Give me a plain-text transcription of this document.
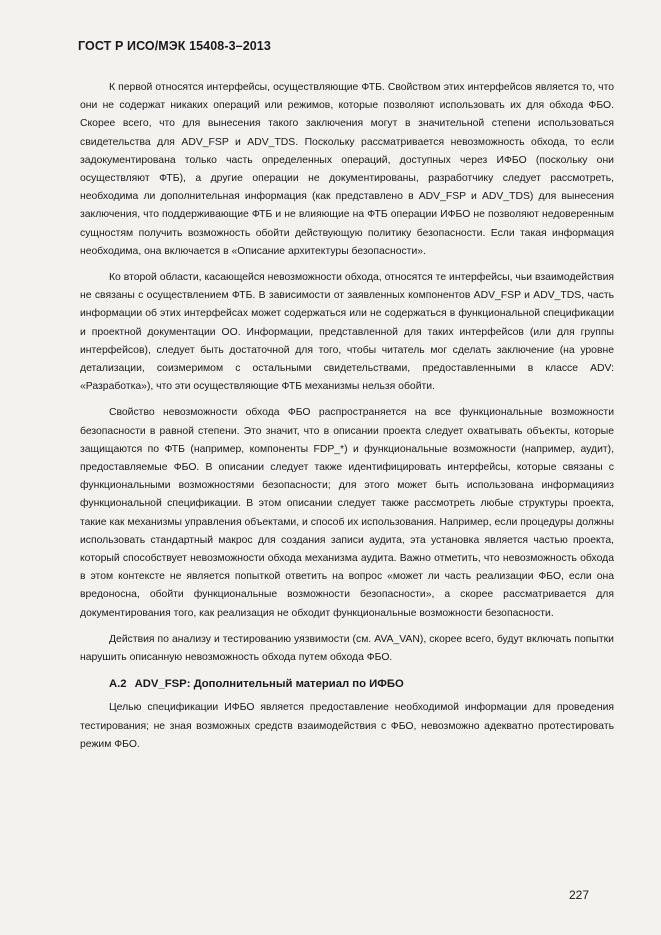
ГОСТ Р ИСО/МЭК 15408-3–2013

К первой относятся интерфейсы, осуществляющие ФТБ. Свойством этих интерфейсов является то, что они не содержат никаких операций или режимов, которые позволяют использовать их для обхода ФБО. Скорее всего, что для вынесения такого заключения могут в значительной степени использоваться свидетельства для ADV_FSP и ADV_TDS. Поскольку рассматривается невозможность обхода, то если задокументирована только часть определенных операций, доступных через ИФБО (поскольку они осуществляют ФТБ), а другие операции не документированы, разработчику следует рассмотреть, необходима ли дополнительная информация (как представлено в ADV_FSP и ADV_TDS) для вынесения заключения, что поддерживающие ФТБ и не влияющие на ФТБ операции ИФБО не позволяют недоверенным сущностям получить возможность обойти действующую политику безопасности. Если такая информация необходима, она включается в «Описание архитектуры безопасности».

Ко второй области, касающейся невозможности обхода, относятся те интерфейсы, чьи взаимодействия не связаны с осуществлением ФТБ. В зависимости от заявленных компонентов ADV_FSP и ADV_TDS, часть информации об этих интерфейсах может содержаться или не содержаться в функциональной спецификации и проектной документации ОО. Информации, представленной для таких интерфейсов (или для группы интерфейсов), следует быть достаточной для того, чтобы читатель мог сделать заключение (на уровне детализации, соизмеримом с остальными свидетельствами, предоставленными в классе ADV: «Разработка»), что эти осуществляющие ФТБ механизмы нельзя обойти.

Свойство невозможности обхода ФБО распространяется на все функциональные возможности безопасности в равной степени. Это значит, что в описании проекта следует охватывать объекты, которые защищаются по ФТБ (например, компоненты FDP_*) и функциональные возможности (например, аудит), предоставляемые ФБО. В описании следует также идентифицировать интерфейсы, которые связаны с функциональными возможностями безопасности; для этого может быть использована информацияиз функциональной спецификации. В этом описании следует также рассмотреть любые структуры проекта, такие как механизмы управления объектами, и способ их использования. Например, если процедуры должны использовать стандартный макрос для создания записи аудита, эта установка является частью проекта, который способствует невозможности обхода механизма аудита. Важно отметить, что невозможность обхода в этом контексте не является попыткой ответить на вопрос «может ли часть реализации ФБО, если она вредоносна, обойти функциональные возможности безопасности», а скорее рассматривается для документирования того, как реализация не обходит функциональные возможности безопасности.

Действия по анализу и тестированию уязвимости (см. AVA_VAN), скорее всего, будут включать попытки нарушить описанную невозможность обхода путем обхода ФБО.

А.2 ADV_FSP: Дополнительный материал по ИФБО

Целью спецификации ИФБО является предоставление необходимой информации для проведения тестирования; не зная возможных средств взаимодействия с ФБО, невозможно адекватно протестировать режим ФБО.

227
